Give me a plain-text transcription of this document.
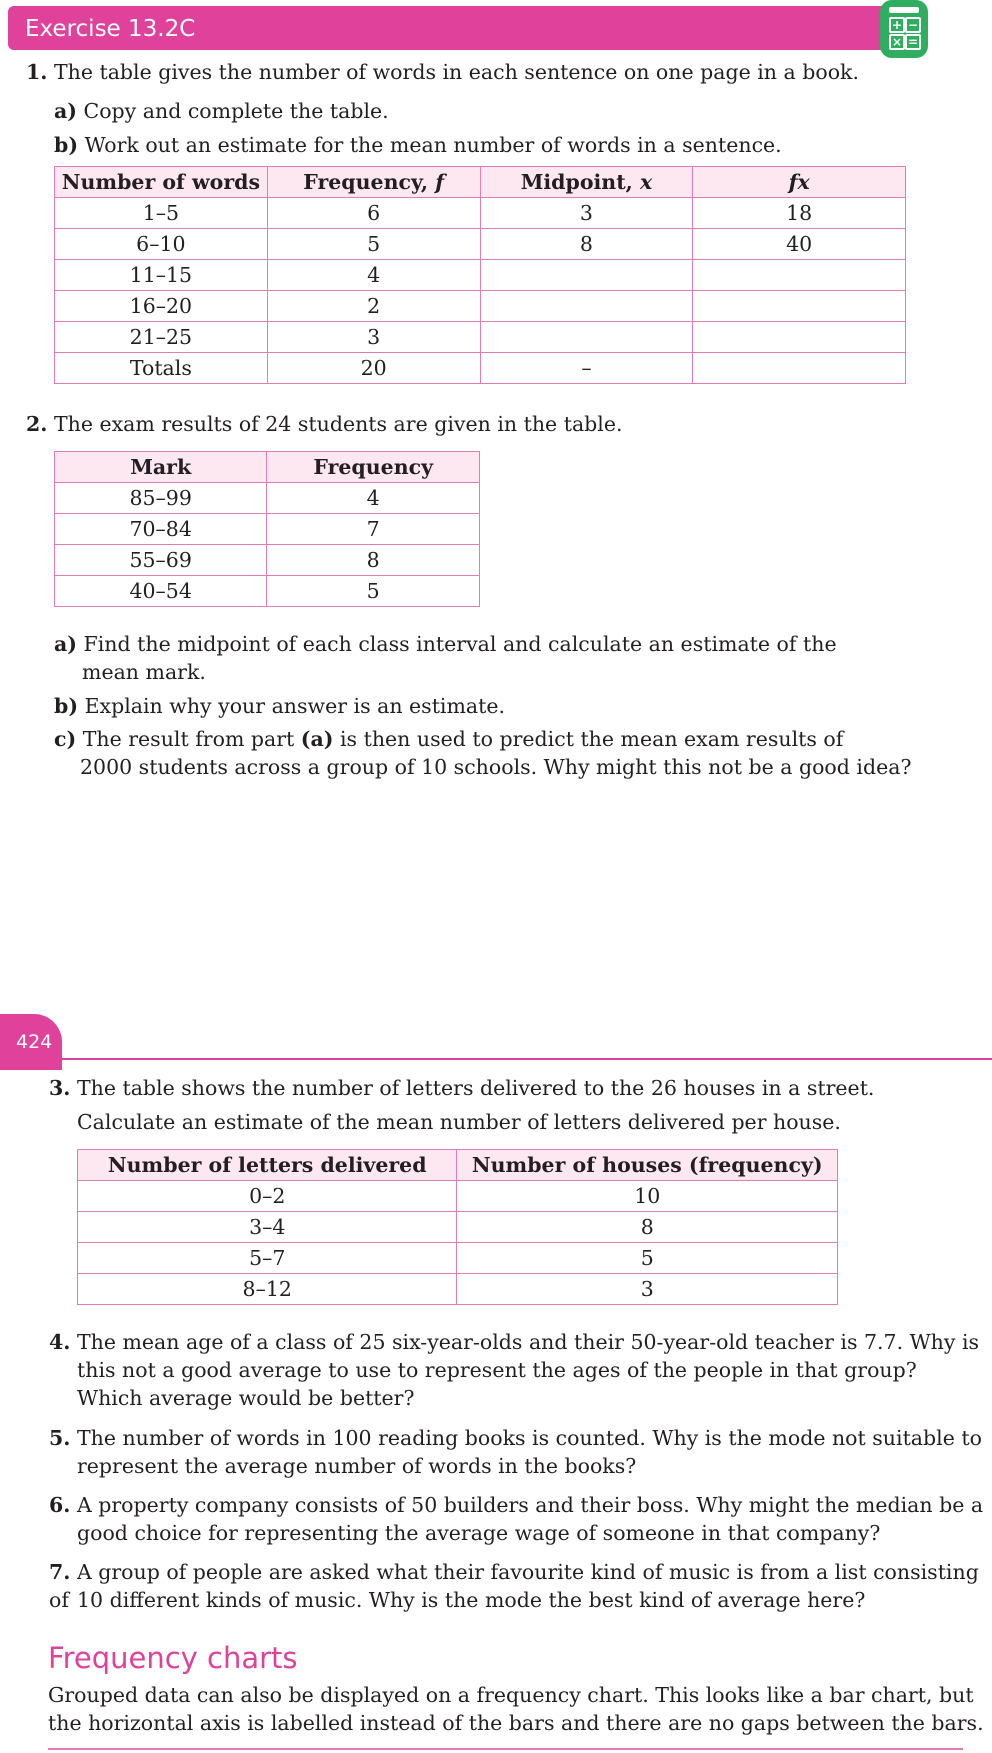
Exercise 13.2C	+ −
× =
1. The table gives the number of words in each sentence on one page in a book.
a) Copy and complete the table.
b) Work out an estimate for the mean number of words in a sentence.
Number of words	Frequency, f	Midpoint, x	fx
1–5	6	3	18
6–10	5	8	40
11–15	4		
16–20	2		
21–25	3		
Totals	20	–	
2. The exam results of 24 students are given in the table.
Mark	Frequency
85–99	4
70–84	7
55–69	8
40–54	5
a) Find the midpoint of each class interval and calculate an estimate of the
mean mark.
b) Explain why your answer is an estimate.
c) The result from part (a) is then used to predict the mean exam results of
2000 students across a group of 10 schools. Why might this not be a good idea?
424
3. The table shows the number of letters delivered to the 26 houses in a street.
Calculate an estimate of the mean number of letters delivered per house.
Number of letters delivered	Number of houses (frequency)
0–2	10
3–4	8
5–7	5
8–12	3
4. The mean age of a class of 25 six-year-olds and their 50-year-old teacher is 7.7. Why is
this not a good average to use to represent the ages of the people in that group?
Which average would be better?
5. The number of words in 100 reading books is counted. Why is the mode not suitable to
represent the average number of words in the books?
6. A property company consists of 50 builders and their boss. Why might the median be a
good choice for representing the average wage of someone in that company?
7. A group of people are asked what their favourite kind of music is from a list consisting of 10 different kinds of music. Why is the mode the best kind of average here?
Frequency charts
Grouped data can also be displayed on a frequency chart. This looks like a bar chart, but
the horizontal axis is labelled instead of the bars and there are no gaps between the bars.
